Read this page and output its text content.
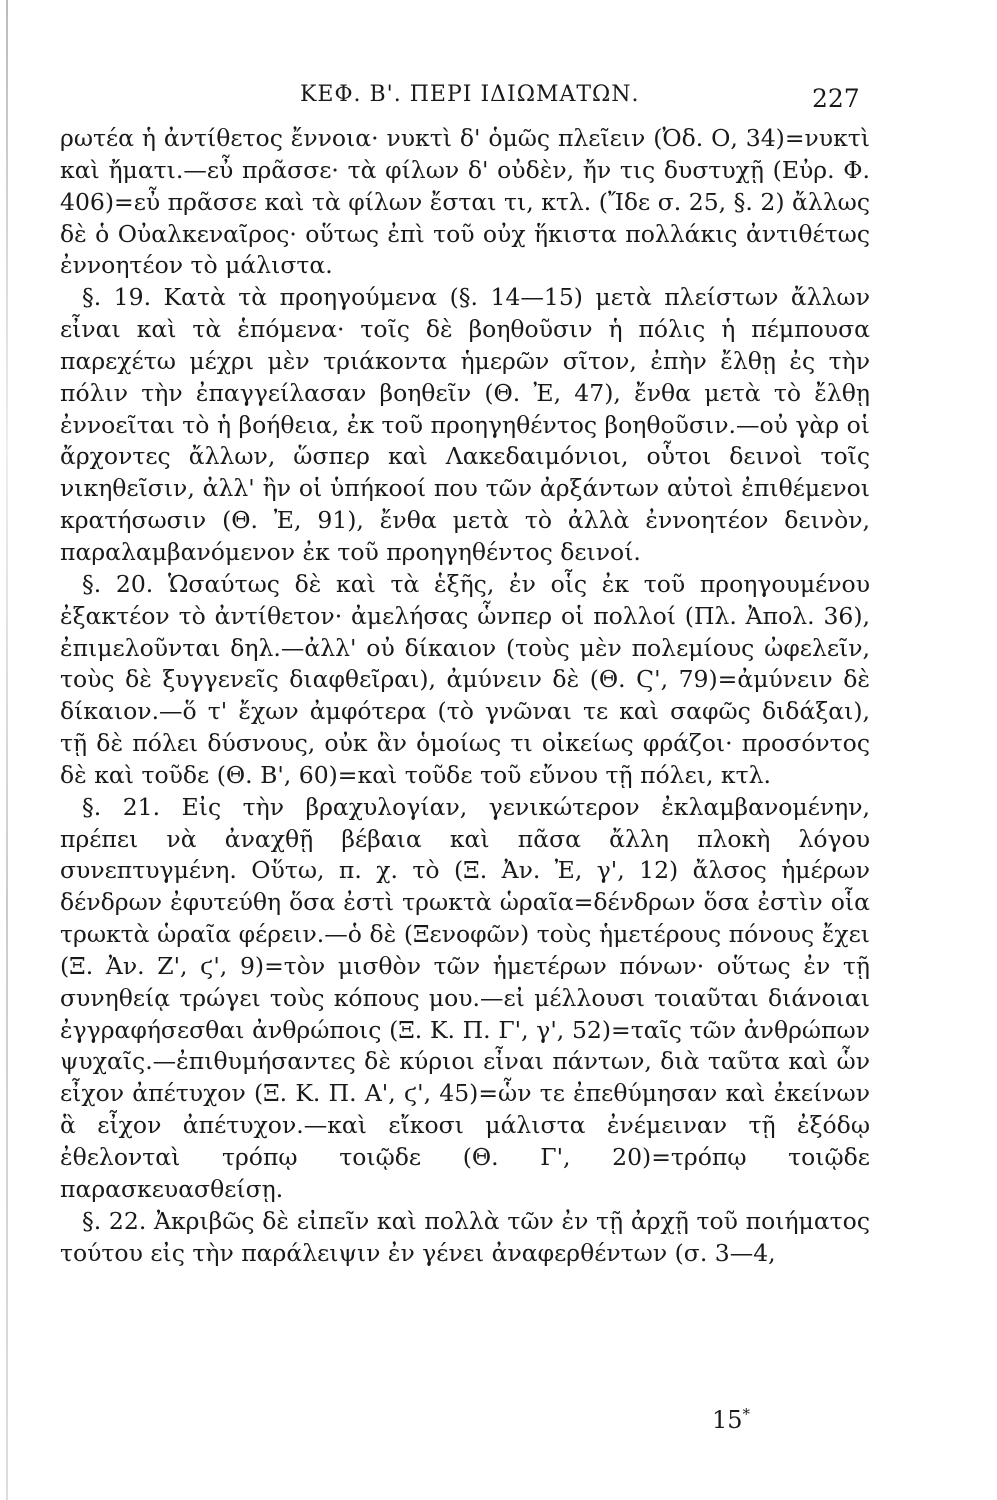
ΚΕΦ. Β'. ΠΕΡΙ ΙΔΙΩΜΑΤΩΝ.	227

ρωτέα ἡ ἀντίθετος ἔννοια· νυκτὶ δ' ὁμῶς πλεῖειν (Ὀδ. Ο, 34)=νυκτὶ καὶ ἤματι.—εὖ πρᾶσσε· τὰ φίλων δ' οὐδὲν, ἤν τις δυστυχῇ (Εὐρ. Φ. 406)=εὖ πρᾶσσε καὶ τὰ φίλων ἔσται τι, κτλ. (Ἴδε σ. 25, §. 2) ἄλλως δὲ ὁ Οὐαλκεναῖρος· οὕτως ἐπὶ τοῦ οὐχ ἥκιστα πολλάκις ἀντιθέτως ἐννοητέον τὸ μάλιστα.

§. 19. Κατὰ τὰ προηγούμενα (§. 14—15) μετὰ πλείστων ἄλλων εἶναι καὶ τὰ ἑπόμενα· τοῖς δὲ βοηθοῦσιν ἡ πόλις ἡ πέμπουσα παρεχέτω μέχρι μὲν τριάκοντα ἡμερῶν σῖτον, ἐπὴν ἔλθῃ ἐς τὴν πόλιν τὴν ἐπαγγείλασαν βοηθεῖν (Θ. Ἐ, 47), ἔνθα μετὰ τὸ ἔλθῃ ἐννοεῖται τὸ ἡ βοήθεια, ἐκ τοῦ προηγηθέντος βοηθοῦσιν.—οὐ γὰρ οἱ ἄρχοντες ἄλλων, ὥσπερ καὶ Λακεδαιμόνιοι, οὗτοι δεινοὶ τοῖς νικηθεῖσιν, ἀλλ' ἢν οἱ ὑπήκοοί που τῶν ἀρξάντων αὐτοὶ ἐπιθέμενοι κρατήσωσιν (Θ. Ἐ, 91), ἔνθα μετὰ τὸ ἀλλὰ ἐννοητέον δεινὸν, παραλαμβανόμενον ἐκ τοῦ προηγηθέντος δεινοί.

§. 20. Ὡσαύτως δὲ καὶ τὰ ἑξῆς, ἐν οἷς ἐκ τοῦ προηγουμένου ἐξακτέον τὸ ἀντίθετον· ἀμελήσας ὧνπερ οἱ πολλοί (Πλ. Ἀπολ. 36), ἐπιμελοῦνται δηλ.—ἀλλ' οὐ δίκαιον (τοὺς μὲν πολεμίους ὠφελεῖν, τοὺς δὲ ξυγγενεῖς διαφθεῖραι), ἀμύνειν δὲ (Θ. Ϛ', 79)=ἀμύνειν δὲ δίκαιον.—ὅ τ' ἔχων ἀμφότερα (τὸ γνῶναι τε καὶ σαφῶς διδάξαι), τῇ δὲ πόλει δύσνους, οὐκ ἂν ὁμοίως τι οἰκείως φράζοι· προσόντος δὲ καὶ τοῦδε (Θ. Β', 60)=καὶ τοῦδε τοῦ εὔνου τῇ πόλει, κτλ.

§. 21. Εἰς τὴν βραχυλογίαν, γενικώτερον ἐκλαμβανομένην, πρέπει νὰ ἀναχθῇ βέβαια καὶ πᾶσα ἄλλη πλοκὴ λόγου συνεπτυγμένη. Οὕτω, π. χ. τὸ (Ξ. Ἀν. Ἐ, γ', 12) ἄλσος ἡμέρων δένδρων ἐφυτεύθη ὅσα ἐστὶ τρωκτὰ ὡραῖα=δένδρων ὅσα ἐστὶν οἷα τρωκτὰ ὡραῖα φέρειν.—ὁ δὲ (Ξενοφῶν) τοὺς ἡμετέρους πόνους ἔχει (Ξ. Ἀν. Ζ', ϛ', 9)=τὸν μισθὸν τῶν ἡμετέρων πόνων· οὕτως ἐν τῇ συνηθείᾳ τρώγει τοὺς κόπους μου.—εἰ μέλλουσι τοιαῦται διάνοιαι ἐγγραφήσεσθαι ἀνθρώποις (Ξ. Κ. Π. Γ', γ', 52)=ταῖς τῶν ἀνθρώπων ψυχαῖς.—ἐπιθυμήσαντες δὲ κύριοι εἶναι πάντων, διὰ ταῦτα καὶ ὧν εἶχον ἀπέτυχον (Ξ. Κ. Π. Α', ϛ', 45)=ὧν τε ἐπεθύμησαν καὶ ἐκείνων ἃ εἶχον ἀπέτυχον.—καὶ εἴκοσι μάλιστα ἐνέμειναν τῇ ἐξόδῳ ἐθελονταὶ τρόπῳ τοιῷδε (Θ. Γ', 20)=τρόπῳ τοιῷδε παρασκευασθείσῃ.

§. 22. Ἀκριβῶς δὲ εἰπεῖν καὶ πολλὰ τῶν ἐν τῇ ἀρχῇ τοῦ ποιήματος τούτου εἰς τὴν παράλειψιν ἐν γένει ἀναφερθέντων (σ. 3—4,

15*
